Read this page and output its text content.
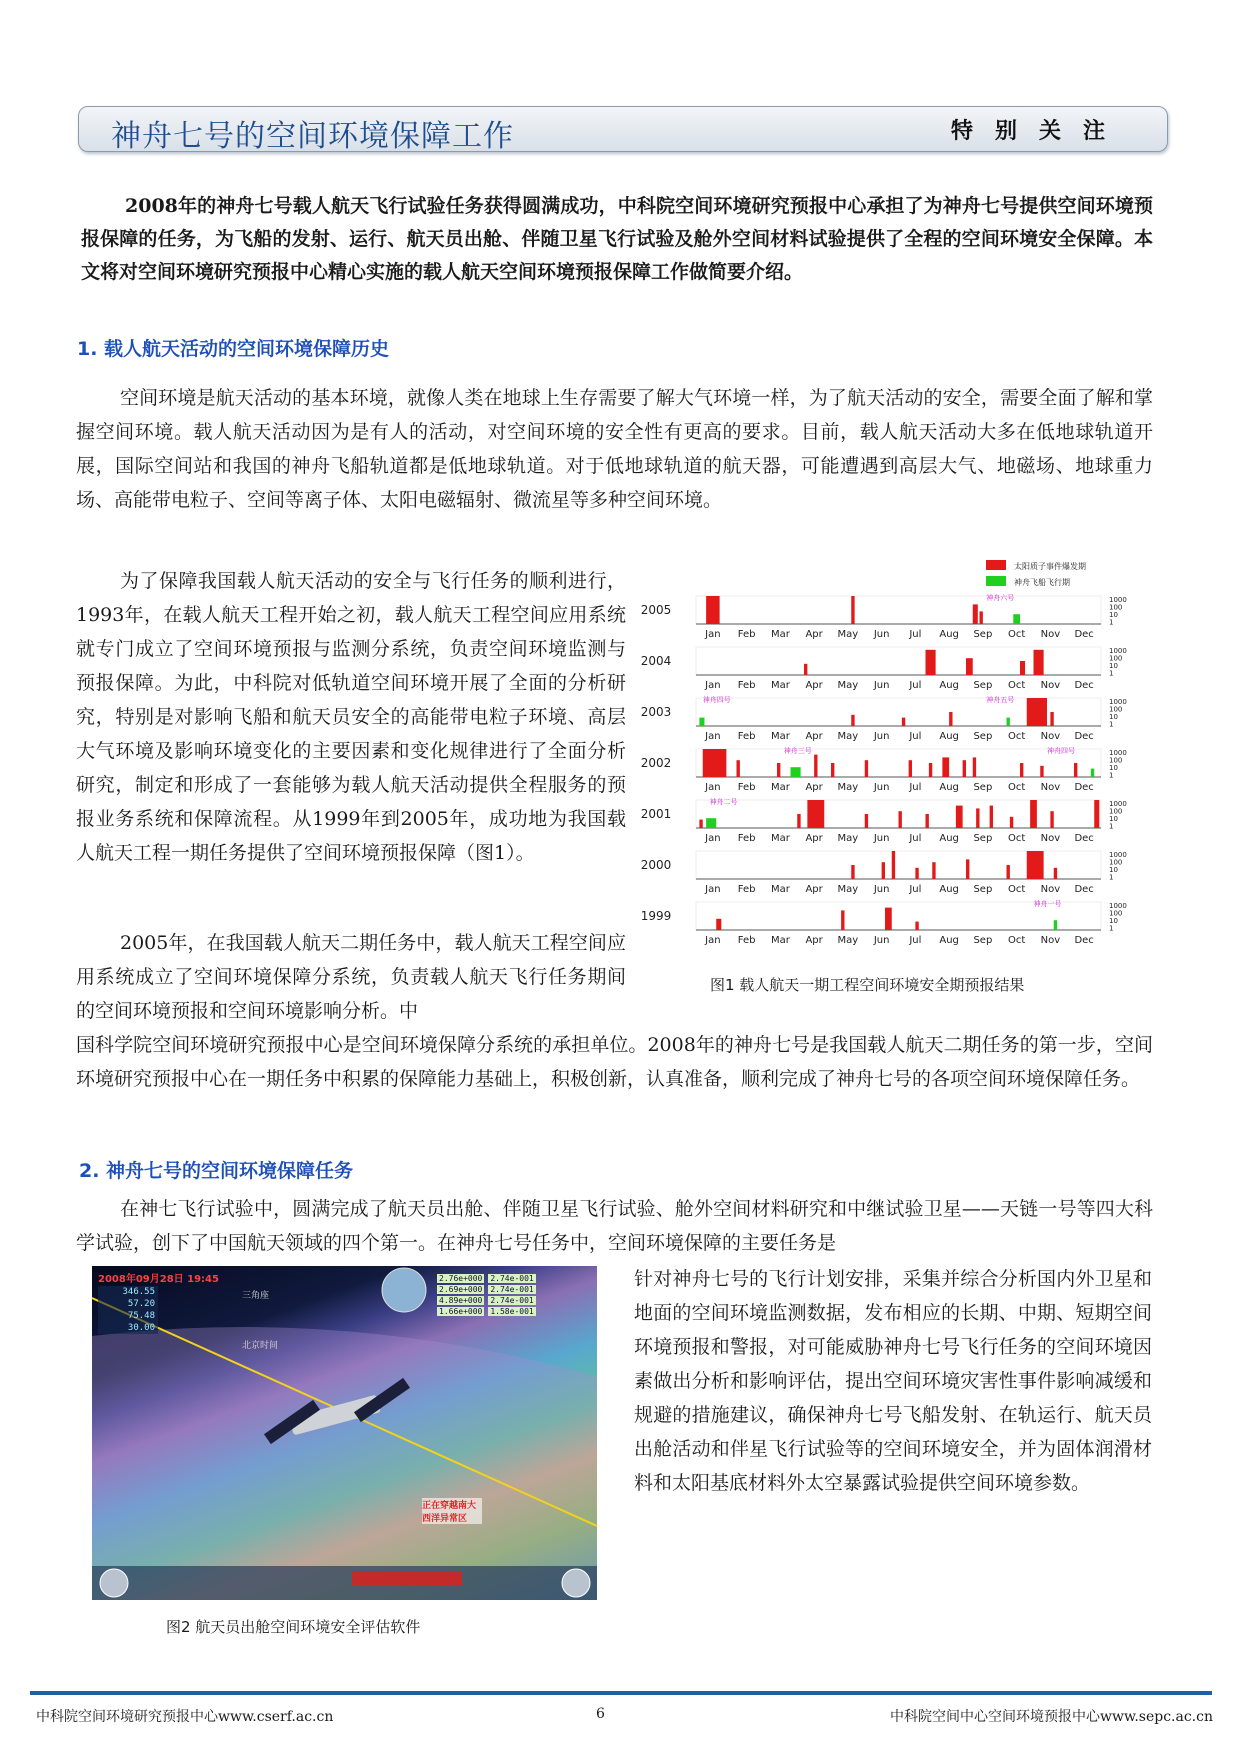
神舟七号的空间环境保障工作	特别关注

2008年的神舟七号载人航天飞行试验任务获得圆满成功，中科院空间环境研究预报中心承担了为神舟七号提供空间环境预报保障的任务，为飞船的发射、运行、航天员出舱、伴随卫星飞行试验及舱外空间材料试验提供了全程的空间环境安全保障。本文将对空间环境研究预报中心精心实施的载人航天空间环境预报保障工作做简要介绍。

1. 载人航天活动的空间环境保障历史

空间环境是航天活动的基本环境，就像人类在地球上生存需要了解大气环境一样，为了航天活动的安全，需要全面了解和掌握空间环境。载人航天活动因为是有人的活动，对空间环境的安全性有更高的要求。目前，载人航天活动大多在低地球轨道开展，国际空间站和我国的神舟飞船轨道都是低地球轨道。对于低地球轨道的航天器，可能遭遇到高层大气、地磁场、地球重力场、高能带电粒子、空间等离子体、太阳电磁辐射、微流星等多种空间环境。

为了保障我国载人航天活动的安全与飞行任务的顺利进行，1993年，在载人航天工程开始之初，载人航天工程空间应用系统就专门成立了空间环境预报与监测分系统，负责空间环境监测与预报保障。为此，中科院对低轨道空间环境开展了全面的分析研究，特别是对影响飞船和航天员安全的高能带电粒子环境、高层大气环境及影响环境变化的主要因素和变化规律进行了全面分析研究，制定和形成了一套能够为载人航天活动提供全程服务的预报业务系统和保障流程。从1999年到2005年，成功地为我国载人航天工程一期任务提供了空间环境预报保障（图1）。

2005年，在我国载人航天二期任务中，载人航天工程空间应用系统成立了空间环境保障分系统，负责载人航天飞行任务期间的空间环境预报和空间环境影响分析。中

国科学院空间环境研究预报中心是空间环境保障分系统的承担单位。2008年的神舟七号是我国载人航天二期任务的第一步，空间环境研究预报中心在一期任务中积累的保障能力基础上，积极创新，认真准备，顺利完成了神舟七号的各项空间环境保障任务。

太阳质子事件爆发期
神舟飞船飞行期
2005
1000
100
10
1
神舟六号
Jan Feb Mar Apr May Jun Jul Aug Sep Oct Nov Dec
2004
1000
100
10
1
Jan Feb Mar Apr May Jun Jul Aug Sep Oct Nov Dec
2003
1000
100
10
1
神舟四号	神舟五号
Jan Feb Mar Apr May Jun Jul Aug Sep Oct Nov Dec
2002
1000
100
10
1
神舟三号	神舟四号
Jan Feb Mar Apr May Jun Jul Aug Sep Oct Nov Dec
2001
1000
100
10
1
神舟二号
Jan Feb Mar Apr May Jun Jul Aug Sep Oct Nov Dec
2000
1000
100
10
1
Jan Feb Mar Apr May Jun Jul Aug Sep Oct Nov Dec
1999
1000
100
10
1
神舟一号
Jan Feb Mar Apr May Jun Jul Aug Sep Oct Nov Dec
图1 载人航天一期工程空间环境安全期预报结果
2. 神舟七号的空间环境保障任务

在神七飞行试验中，圆满完成了航天员出舱、伴随卫星飞行试验、舱外空间材料研究和中继试验卫星——天链一号等四大科学试验，创下了中国航天领域的四个第一。在神舟七号任务中，空间环境保障的主要任务是

针对神舟七号的飞行计划安排，采集并综合分析国内外卫星和地面的空间环境监测数据，发布相应的长期、中期、短期空间环境预报和警报，对可能威胁神舟七号飞行任务的空间环境因素做出分析和影响评估，提出空间环境灾害性事件影响减缓和规避的措施建议，确保神舟七号飞船发射、在轨运行、航天员出舱活动和伴星飞行试验等的空间环境安全，并为固体润滑材料和太阳基底材料外太空暴露试验提供空间环境参数。

2008年09月28日 19:45
三角座
北京时间
346.55
57.20
75.48
30.00
2.76e+000 2.74e-001
2.69e+000 2.74e-001
4.89e+000 2.74e-001
1.66e+000 1.58e-001
正在穿越南大西洋异常区
图2 航天员出舱空间环境安全评估软件
中科院空间环境研究预报中心www.cserf.ac.cn	6	中科院空间中心空间环境预报中心www.sepc.ac.cn
